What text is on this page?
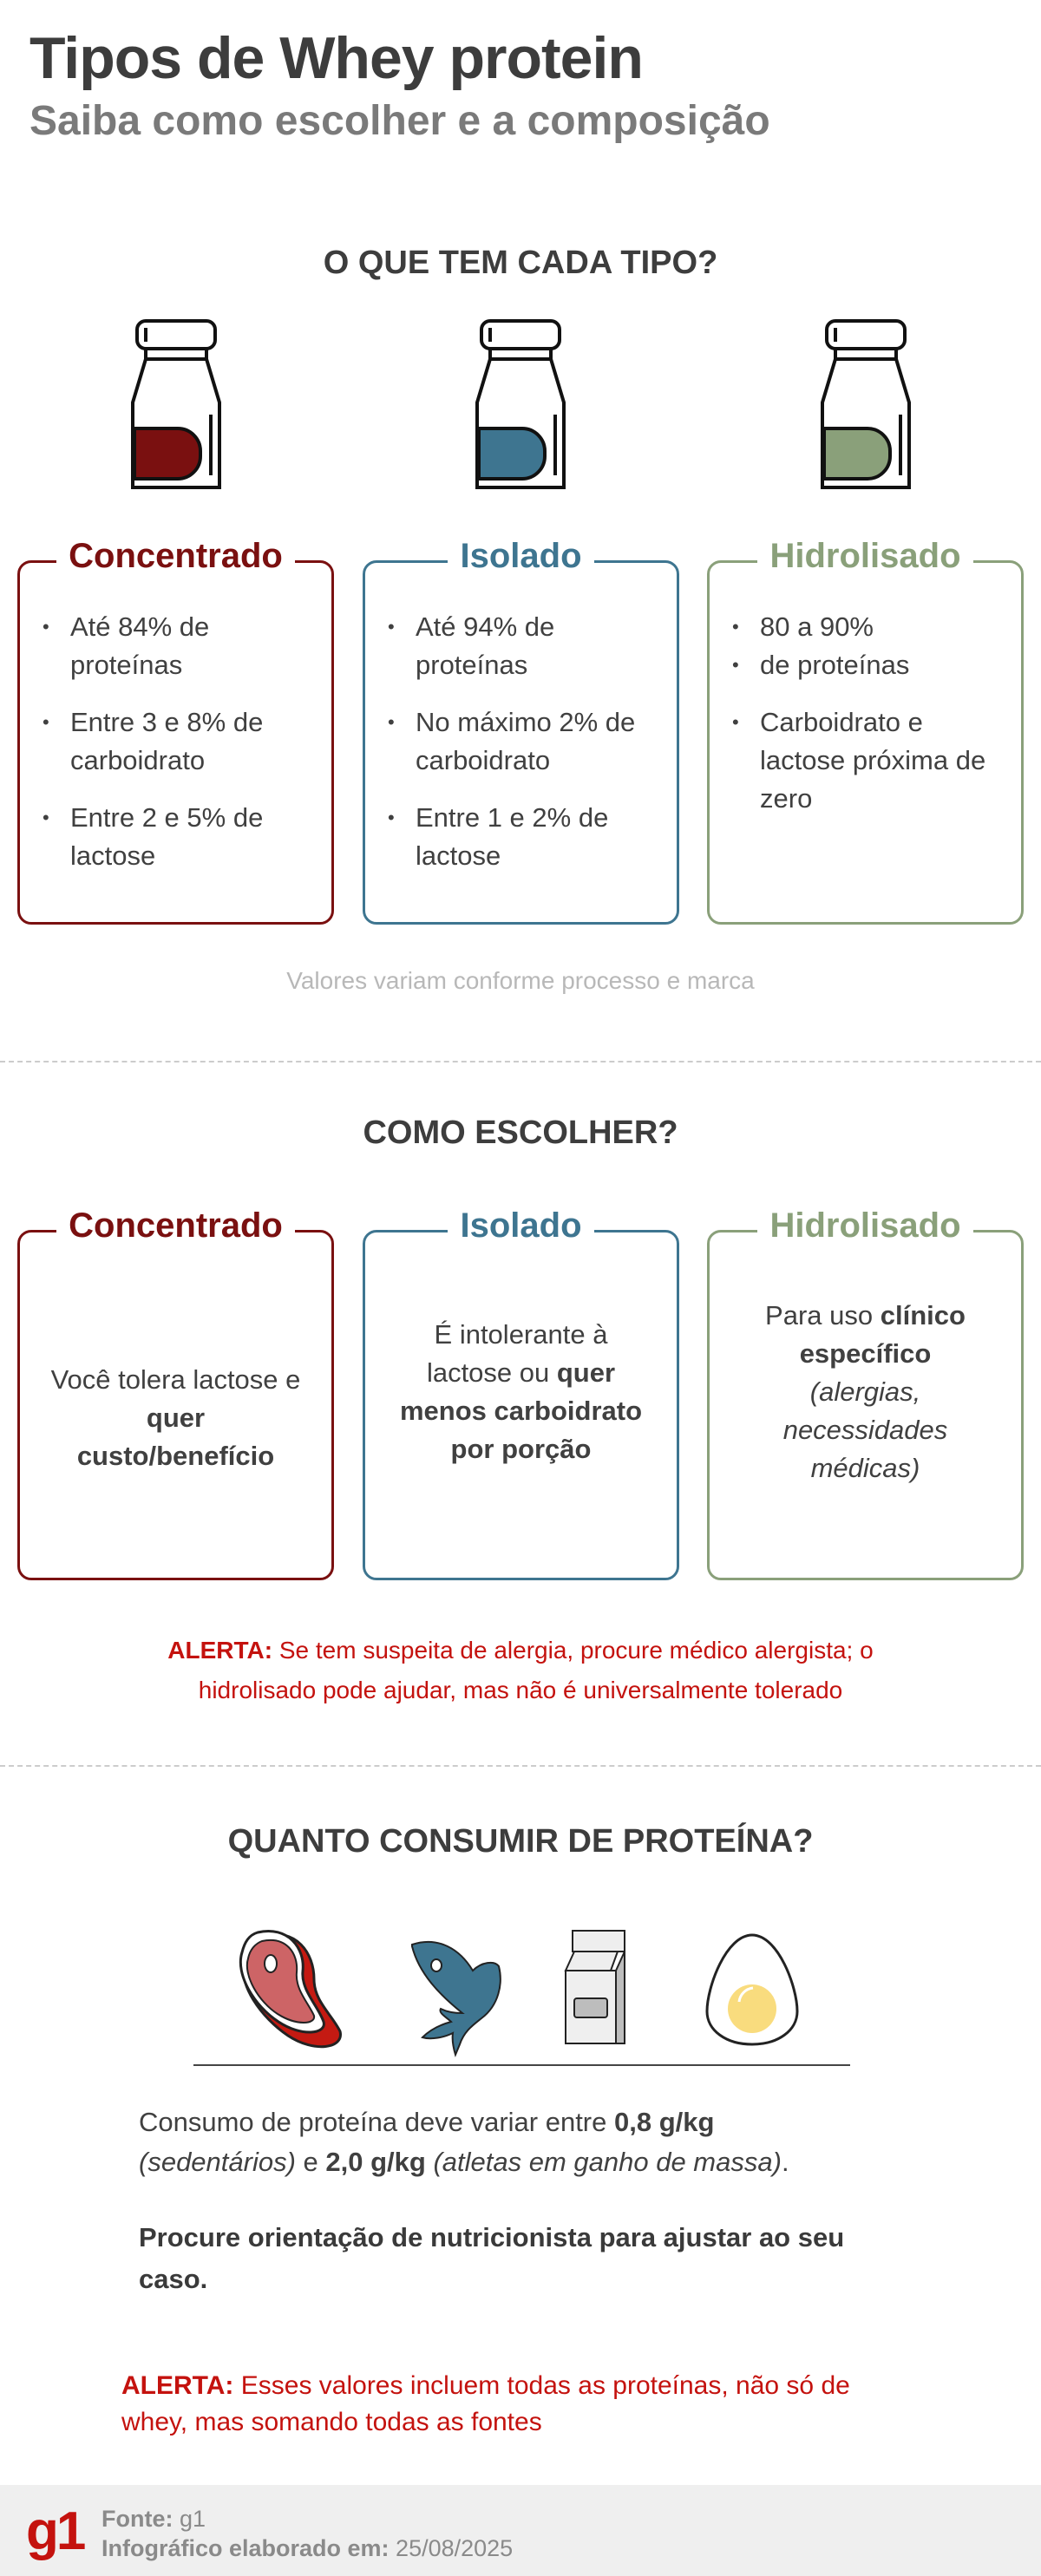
Tipos de Whey protein
Saiba como escolher e a composição
O QUE TEM CADA TIPO?
Concentrado
• Até 84% de proteínas
• Entre 3 e 8% de carboidrato
• Entre 2 e 5% de lactose
Isolado
• Até 94% de proteínas
• No máximo 2% de carboidrato
• Entre 1 e 2% de lactose
Hidrolisado
• 80 a 90%
• de proteínas
• Carboidrato e lactose próxima de zero
Valores variam conforme processo e marca
COMO ESCOLHER?
Concentrado

Você tolera lactose e quer custo/benefício

Isolado

É intolerante à lactose ou quer menos carboidrato por porção

Hidrolisado

Para uso clínico específico
(alergias, necessidades médicas)

ALERTA: Se tem suspeita de alergia, procure médico alergista; o hidrolisado pode ajudar, mas não é universalmente tolerado
QUANTO CONSUMIR DE PROTEÍNA?

Consumo de proteína deve variar entre 0,8 g/kg
(sedentários) e 2,0 g/kg (atletas em ganho de massa).

Procure orientação de nutricionista para ajustar ao seu caso.

ALERTA: Esses valores incluem todas as proteínas, não só de whey, mas somando todas as fontes
g1 Fonte: g1
Infográfico elaborado em: 25/08/2025
